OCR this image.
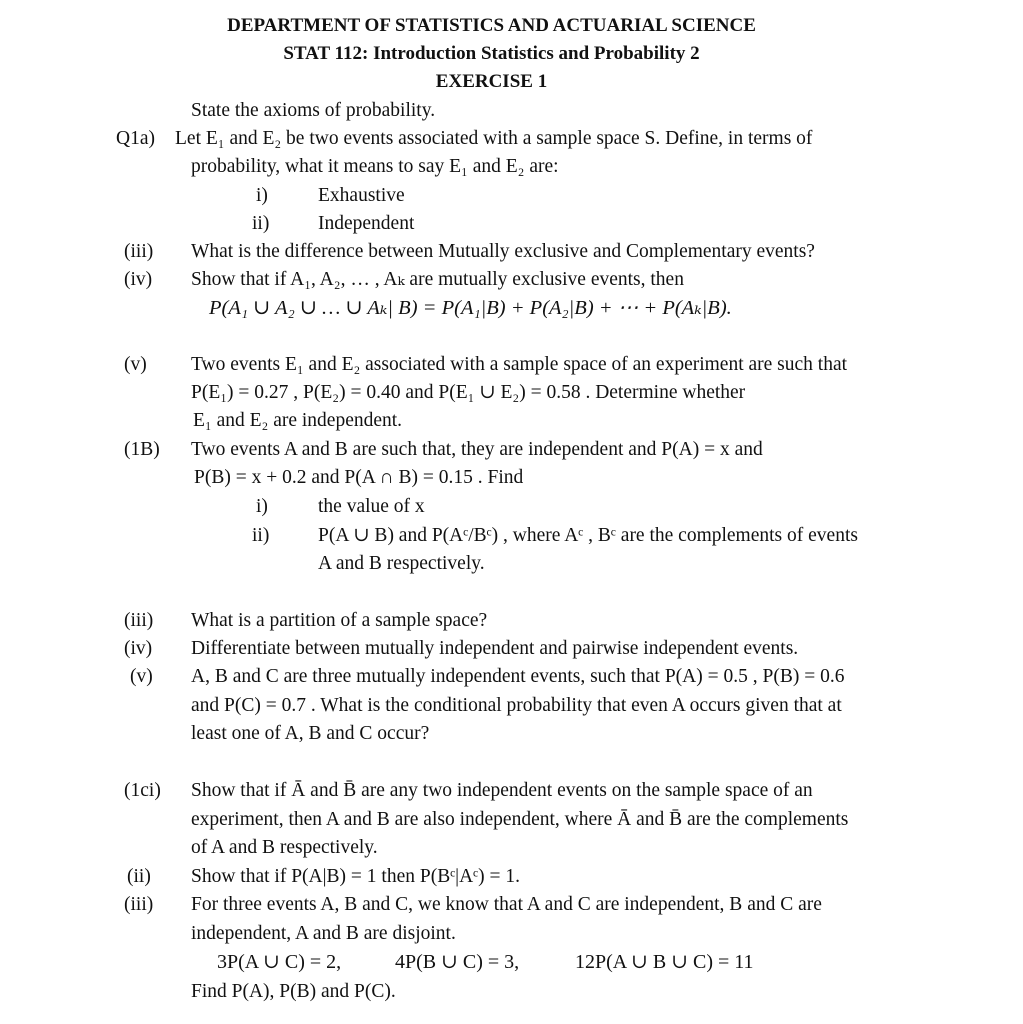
DEPARTMENT OF STATISTICS AND ACTUARIAL SCIENCE
STAT 112: Introduction Statistics and Probability 2
EXERCISE 1
State the axioms of probability.
Q1a) Let E₁ and E₂ be two events associated with a sample space S. Define, in terms of
probability, what it means to say E₁ and E₂ are:
i)	Exhaustive
ii) Independent
(iii) What is the difference between Mutually exclusive and Complementary events?
(iv) Show that if A₁, A₂, … , Aₖ are mutually exclusive events, then
P(A₁ ∪ A₂ ∪ … ∪ Aₖ| B) = P(A₁|B) + P(A₂|B) + ⋯ + P(Aₖ|B).
(v) Two events E₁ and E₂ associated with a sample space of an experiment are such that
P(E₁) = 0.27 , P(E₂) = 0.40 and P(E₁ ∪ E₂) = 0.58 . Determine whether
E₁ and E₂ are independent.
(1B) Two events A and B are such that, they are independent and P(A) = x and
P(B) = x + 0.2 and P(A ∩ B) = 0.15 . Find
i)	the value of x
ii) P(A ∪ B) and P(Aᶜ/Bᶜ) , where Aᶜ , Bᶜ are the complements of events
A and B respectively.
(iii) What is a partition of a sample space?
(iv) Differentiate between mutually independent and pairwise independent events.
(v) A, B and C are three mutually independent events, such that P(A) = 0.5 , P(B) = 0.6
and P(C) = 0.7 . What is the conditional probability that even A occurs given that at
least one of A, B and C occur?
(1ci) Show that if Ā and B̄ are any two independent events on the sample space of an
experiment, then A and B are also independent, where Ā and B̄ are the complements
of A and B respectively.
(ii) Show that if P(A|B) = 1 then P(Bᶜ|Aᶜ) = 1.
(iii) For three events A, B and C, we know that A and C are independent, B and C are
independent, A and B are disjoint.
3P(A ∪ C) = 2,	4P(B ∪ C) = 3,	12P(A ∪ B ∪ C) = 11
Find P(A), P(B) and P(C).
